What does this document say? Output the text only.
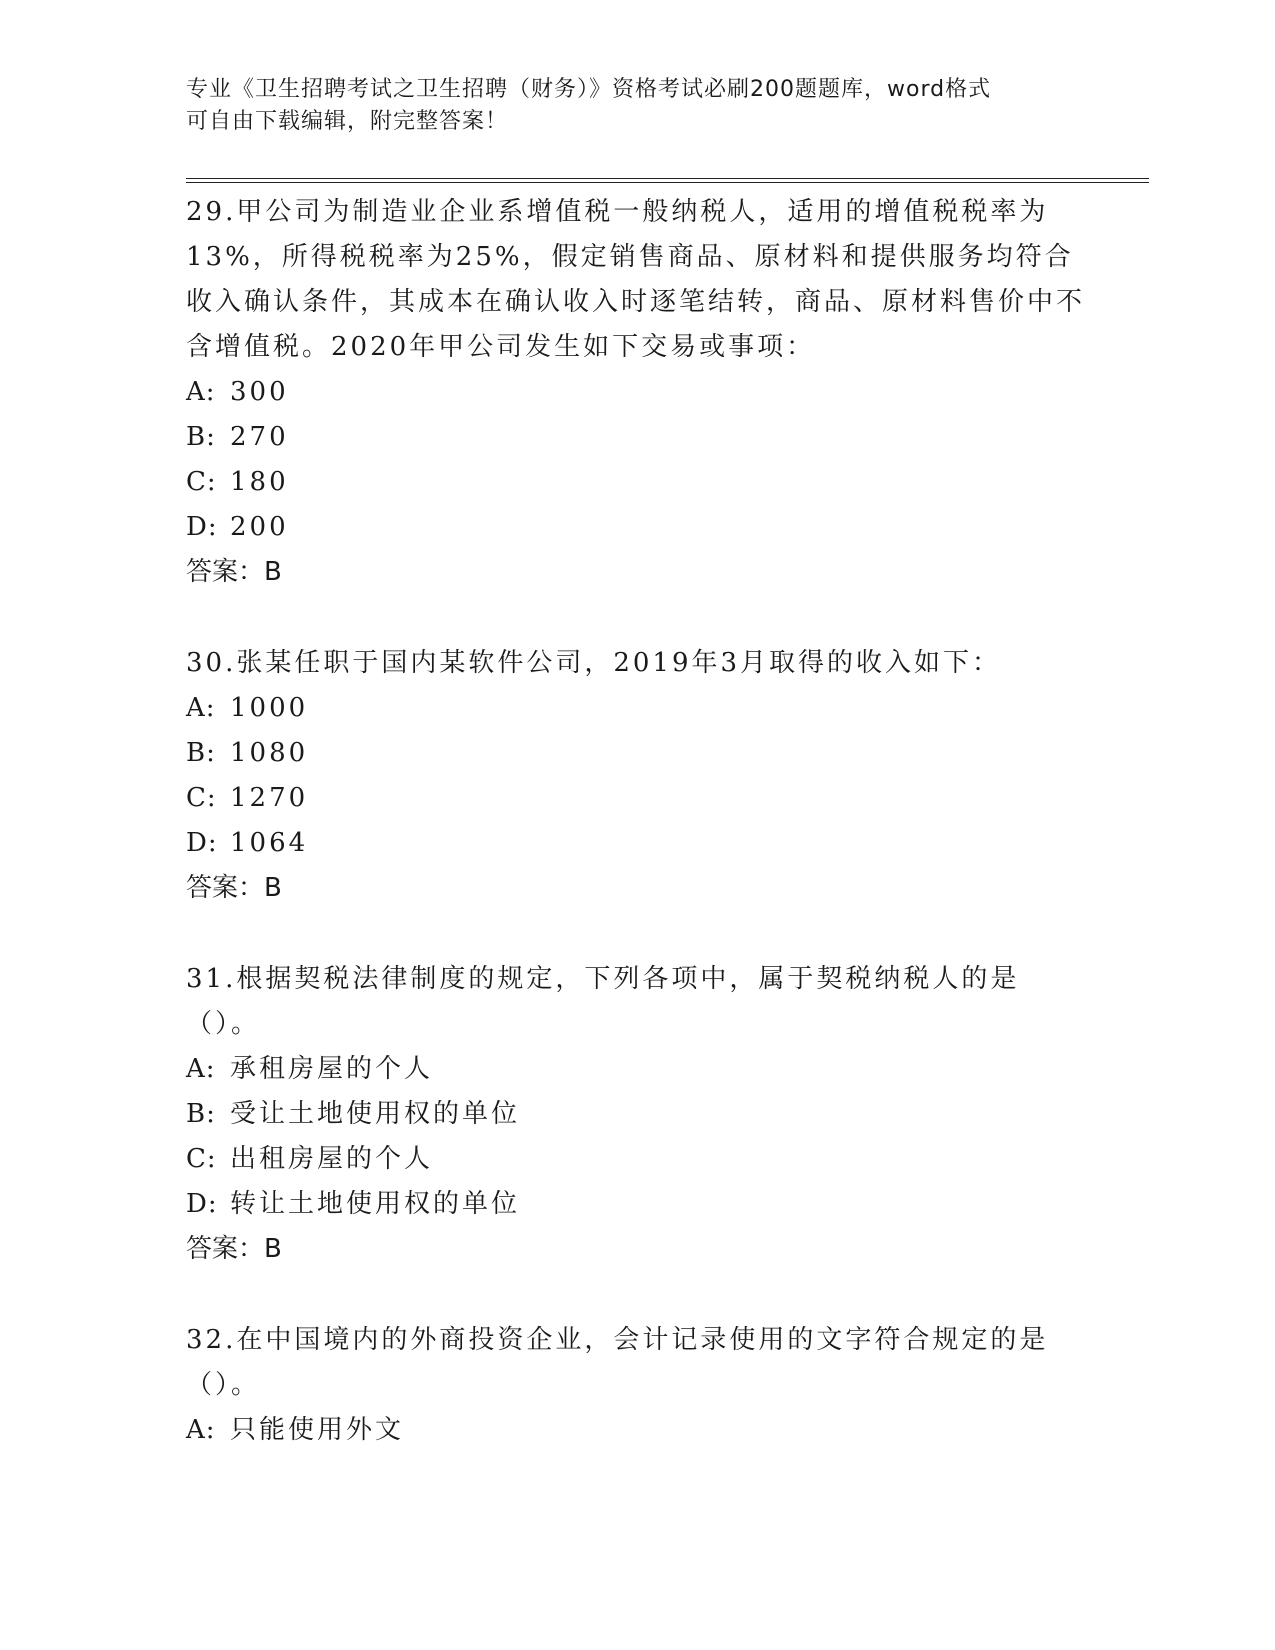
专业《卫生招聘考试之卫生招聘（财务）》资格考试必刷200题题库，word格式

可自由下载编辑，附完整答案！

29.甲公司为制造业企业系增值税一般纳税人，适用的增值税税率为13%，所得税税率为25%，假定销售商品、原材料和提供服务均符合收入确认条件，其成本在确认收入时逐笔结转，商品、原材料售价中不含增值税。2020年甲公司发生如下交易或事项：

A: 300

B: 270

C: 180

D: 200

答案：B

30.张某任职于国内某软件公司，2019年3月取得的收入如下：

A: 1000

B: 1080

C: 1270

D: 1064

答案：B

31.根据契税法律制度的规定，下列各项中，属于契税纳税人的是（）。

A: 承租房屋的个人

B: 受让土地使用权的单位

C: 出租房屋的个人

D: 转让土地使用权的单位

答案：B

32.在中国境内的外商投资企业，会计记录使用的文字符合规定的是（）。

A: 只能使用外文
